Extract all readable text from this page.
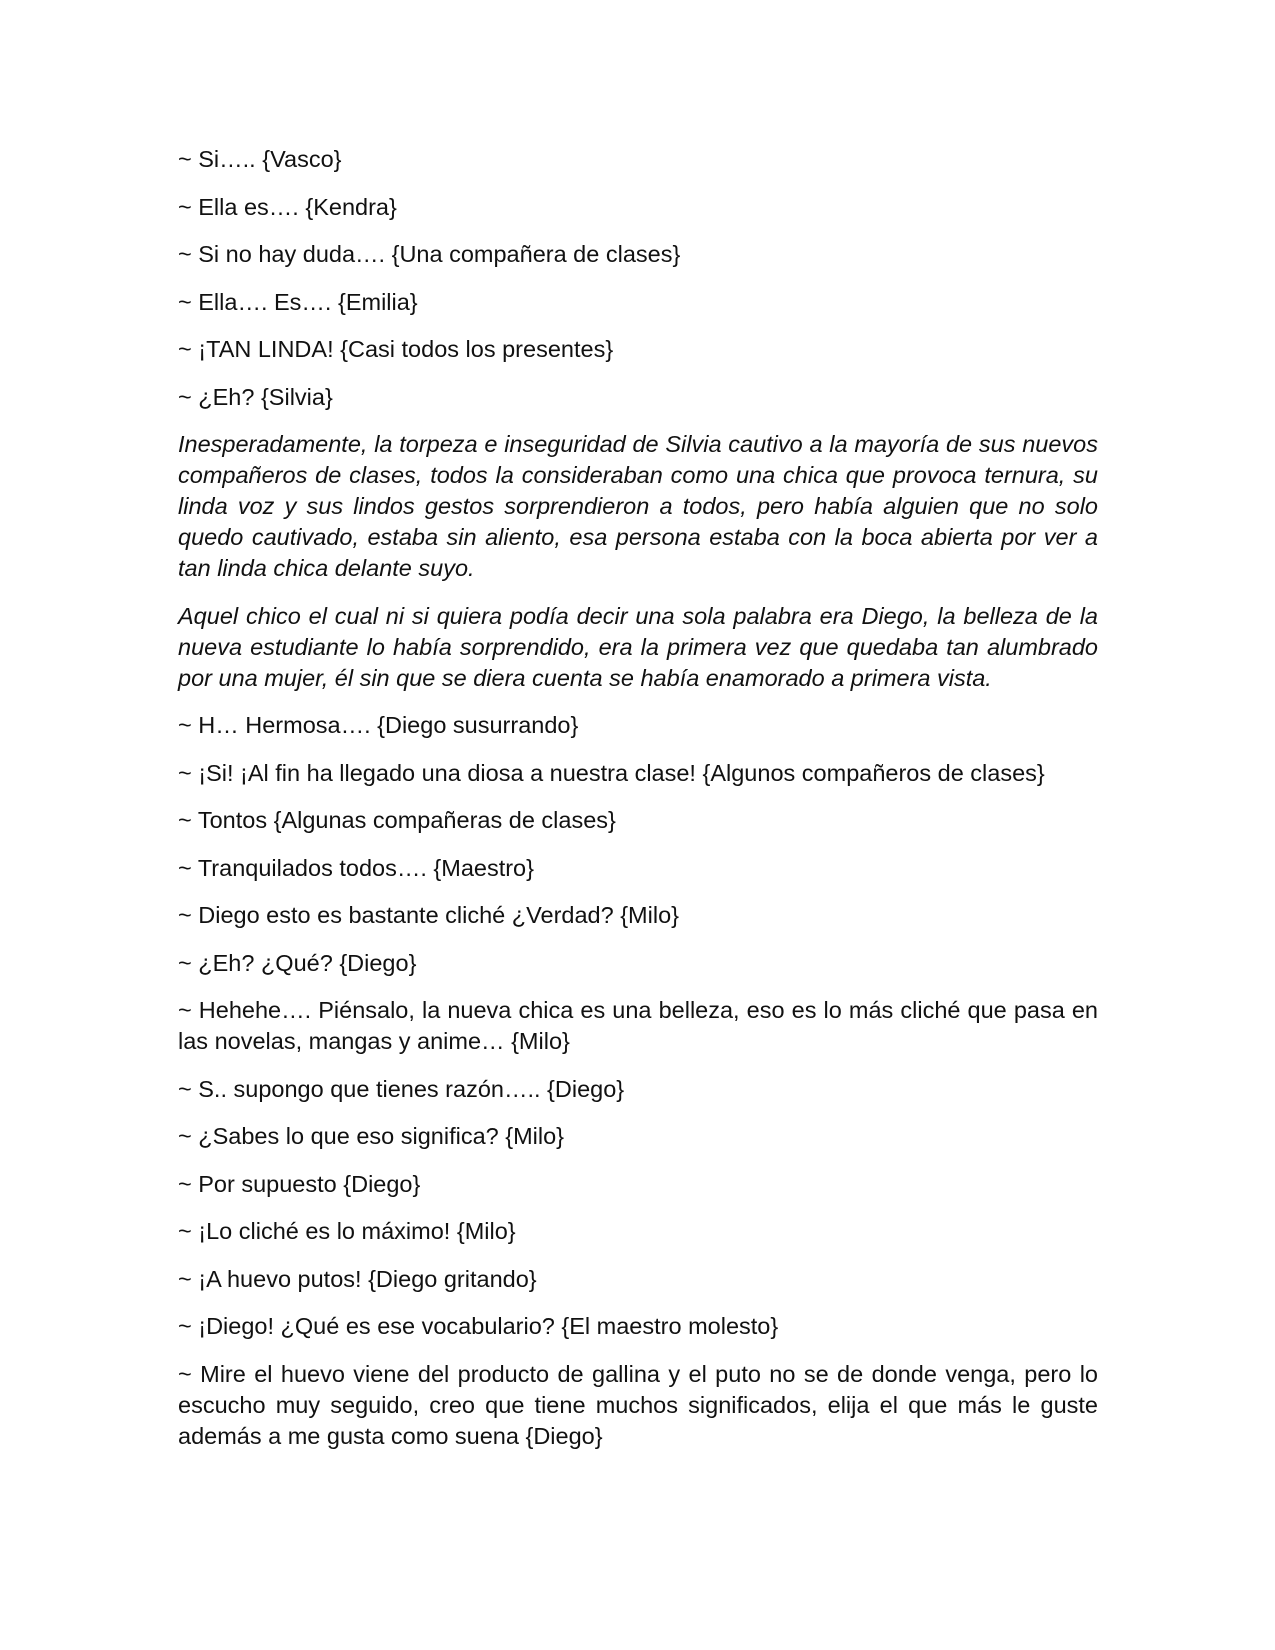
~ Si….. {Vasco}

~ Ella es…. {Kendra}

~ Si no hay duda…. {Una compañera de clases}

~ Ella…. Es…. {Emilia}

~ ¡TAN LINDA! {Casi todos los presentes}

~ ¿Eh? {Silvia}

Inesperadamente, la torpeza e inseguridad de Silvia cautivo a la mayoría de sus nuevos compañeros de clases, todos la consideraban como una chica que provoca ternura, su linda voz y sus lindos gestos sorprendieron a todos, pero había alguien que no solo quedo cautivado, estaba sin aliento, esa persona estaba con la boca abierta por ver a tan linda chica delante suyo.

Aquel chico el cual ni si quiera podía decir una sola palabra era Diego, la belleza de la nueva estudiante lo había sorprendido, era la primera vez que quedaba tan alumbrado por una mujer, él sin que se diera cuenta se había enamorado a primera vista.

~ H… Hermosa…. {Diego susurrando}

~ ¡Si! ¡Al fin ha llegado una diosa a nuestra clase! {Algunos compañeros de clases}

~ Tontos {Algunas compañeras de clases}

~ Tranquilados todos…. {Maestro}

~ Diego esto es bastante cliché ¿Verdad? {Milo}

~ ¿Eh? ¿Qué? {Diego}

~ Hehehe…. Piénsalo, la nueva chica es una belleza, eso es lo más cliché que pasa en las novelas, mangas y anime… {Milo}

~ S.. supongo que tienes razón….. {Diego}

~ ¿Sabes lo que eso significa? {Milo}

~ Por supuesto {Diego}

~ ¡Lo cliché es lo máximo! {Milo}

~ ¡A huevo putos! {Diego gritando}

~ ¡Diego! ¿Qué es ese vocabulario? {El maestro molesto}

~ Mire el huevo viene del producto de gallina y el puto no se de donde venga, pero lo escucho muy seguido, creo que tiene muchos significados, elija el que más le guste además a me gusta como suena {Diego}
